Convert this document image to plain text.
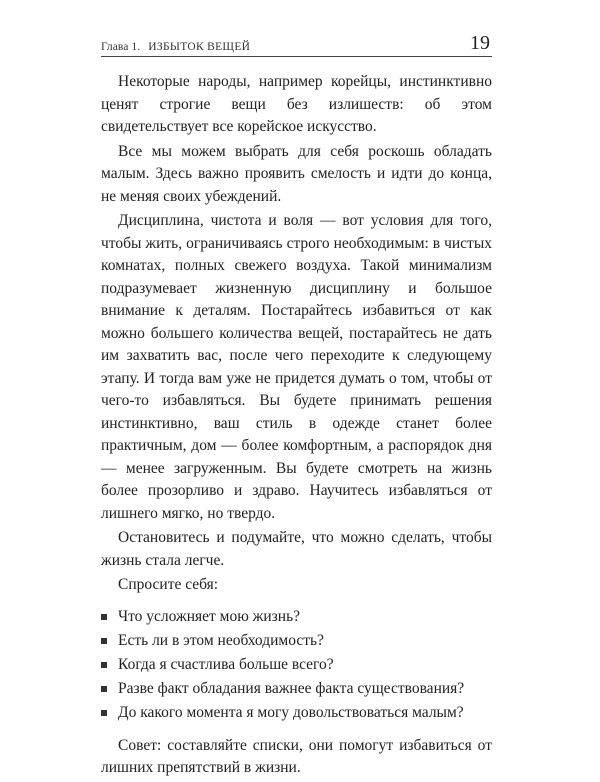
Глава 1. ИЗБЫТОК ВЕЩЕЙ	19

Некоторые народы, например корейцы, инстинктивно ценят строгие вещи без излишеств: об этом свидетельствует все корейское искусство.

Все мы можем выбрать для себя роскошь обладать малым. Здесь важно проявить смелость и идти до конца, не меняя своих убеждений.

Дисциплина, чистота и воля — вот условия для того, чтобы жить, ограничиваясь строго необходимым: в чистых комнатах, полных свежего воздуха. Такой минимализм подразумевает жизненную дисциплину и большое внимание к деталям. Постарайтесь избавиться от как можно большего количества вещей, постарайтесь не дать им захватить вас, после чего переходите к следующему этапу. И тогда вам уже не придется думать о том, чтобы от чего-то избавляться. Вы будете принимать решения инстинктивно, ваш стиль в одежде станет более практичным, дом — более комфортным, а распорядок дня — менее загруженным. Вы будете смотреть на жизнь более прозорливо и здраво. Научитесь избавляться от лишнего мягко, но твердо.

Остановитесь и подумайте, что можно сделать, чтобы жизнь стала легче.

Спросите себя:

Что усложняет мою жизнь?
Есть ли в этом необходимость?
Когда я счастлива больше всего?
Разве факт обладания важнее факта существования?
До какого момента я могу довольствоваться малым?

Совет: составляйте списки, они помогут избавиться от лишних препятствий в жизни.
